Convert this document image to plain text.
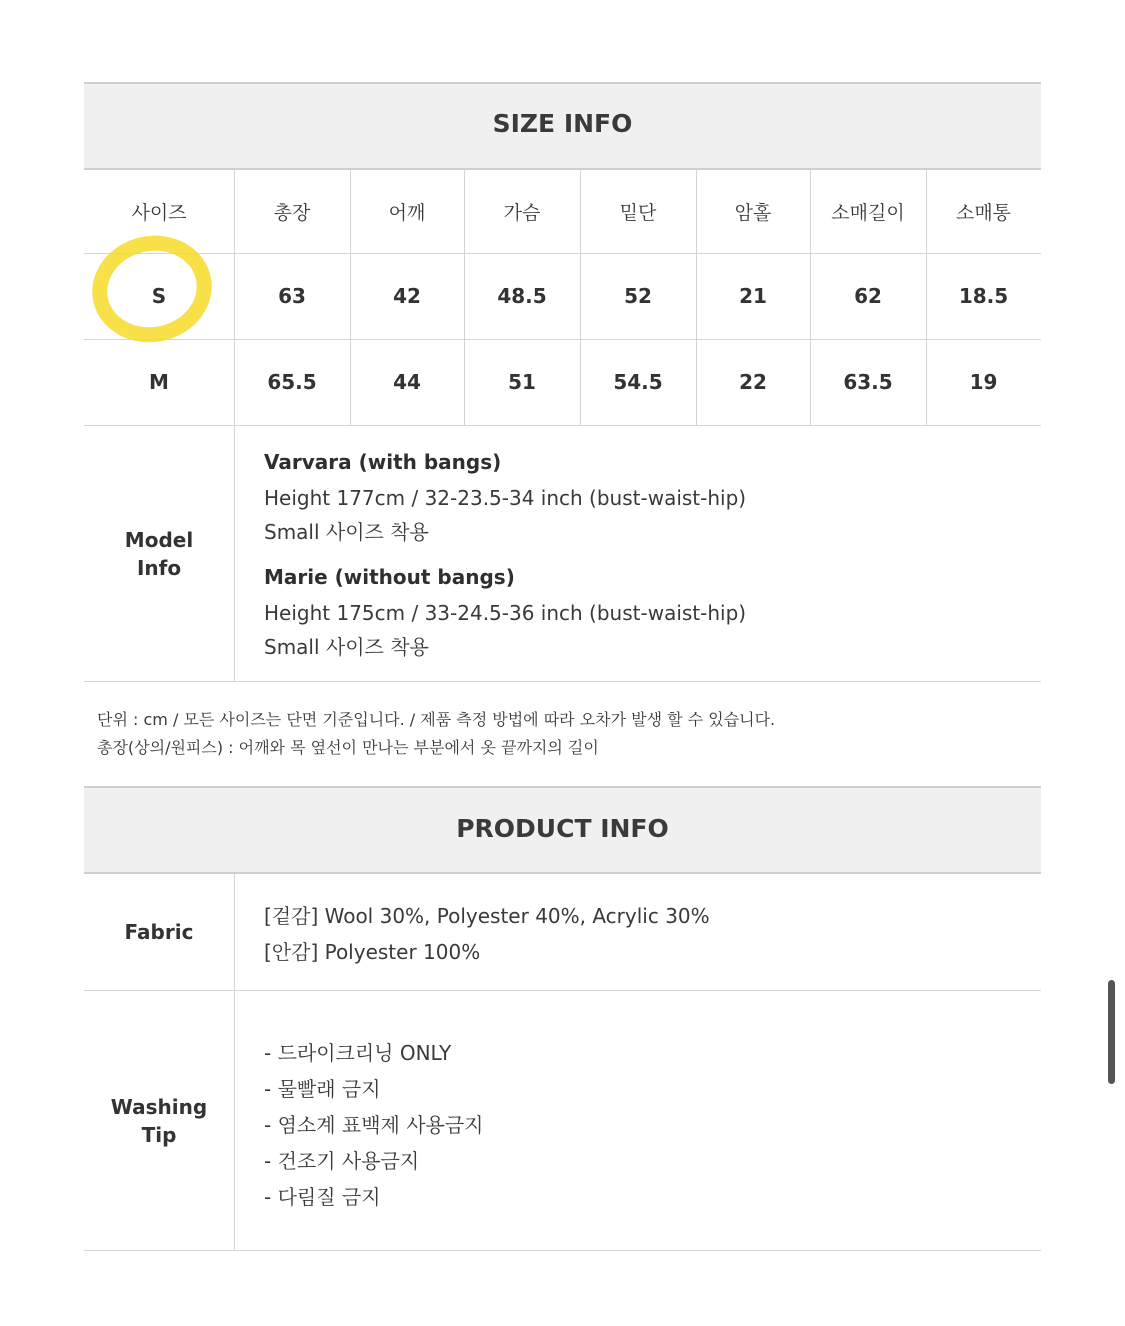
SIZE INFO
사이즈	총장	어깨	가슴	밑단	암홀	소매길이	소매통
S	63	42	48.5	52	21	62	18.5
M	65.5	44	51	54.5	22	63.5	19
Model
Info
Varvara (with bangs)
Height 177cm / 32-23.5-34 inch (bust-waist-hip)
Small 사이즈 착용
Marie (without bangs)
Height 175cm / 33-24.5-36 inch (bust-waist-hip)
Small 사이즈 착용
단위 : cm / 모든 사이즈는 단면 기준입니다. / 제품 측정 방법에 따라 오차가 발생 할 수 있습니다.
총장(상의/원피스) : 어깨와 목 옆선이 만나는 부분에서 옷 끝까지의 길이
PRODUCT INFO
Fabric
[겉감] Wool 30%, Polyester 40%, Acrylic 30%
[안감] Polyester 100%
Washing
Tip
- 드라이크리닝 ONLY
- 물빨래 금지
- 염소계 표백제 사용금지
- 건조기 사용금지
- 다림질 금지
